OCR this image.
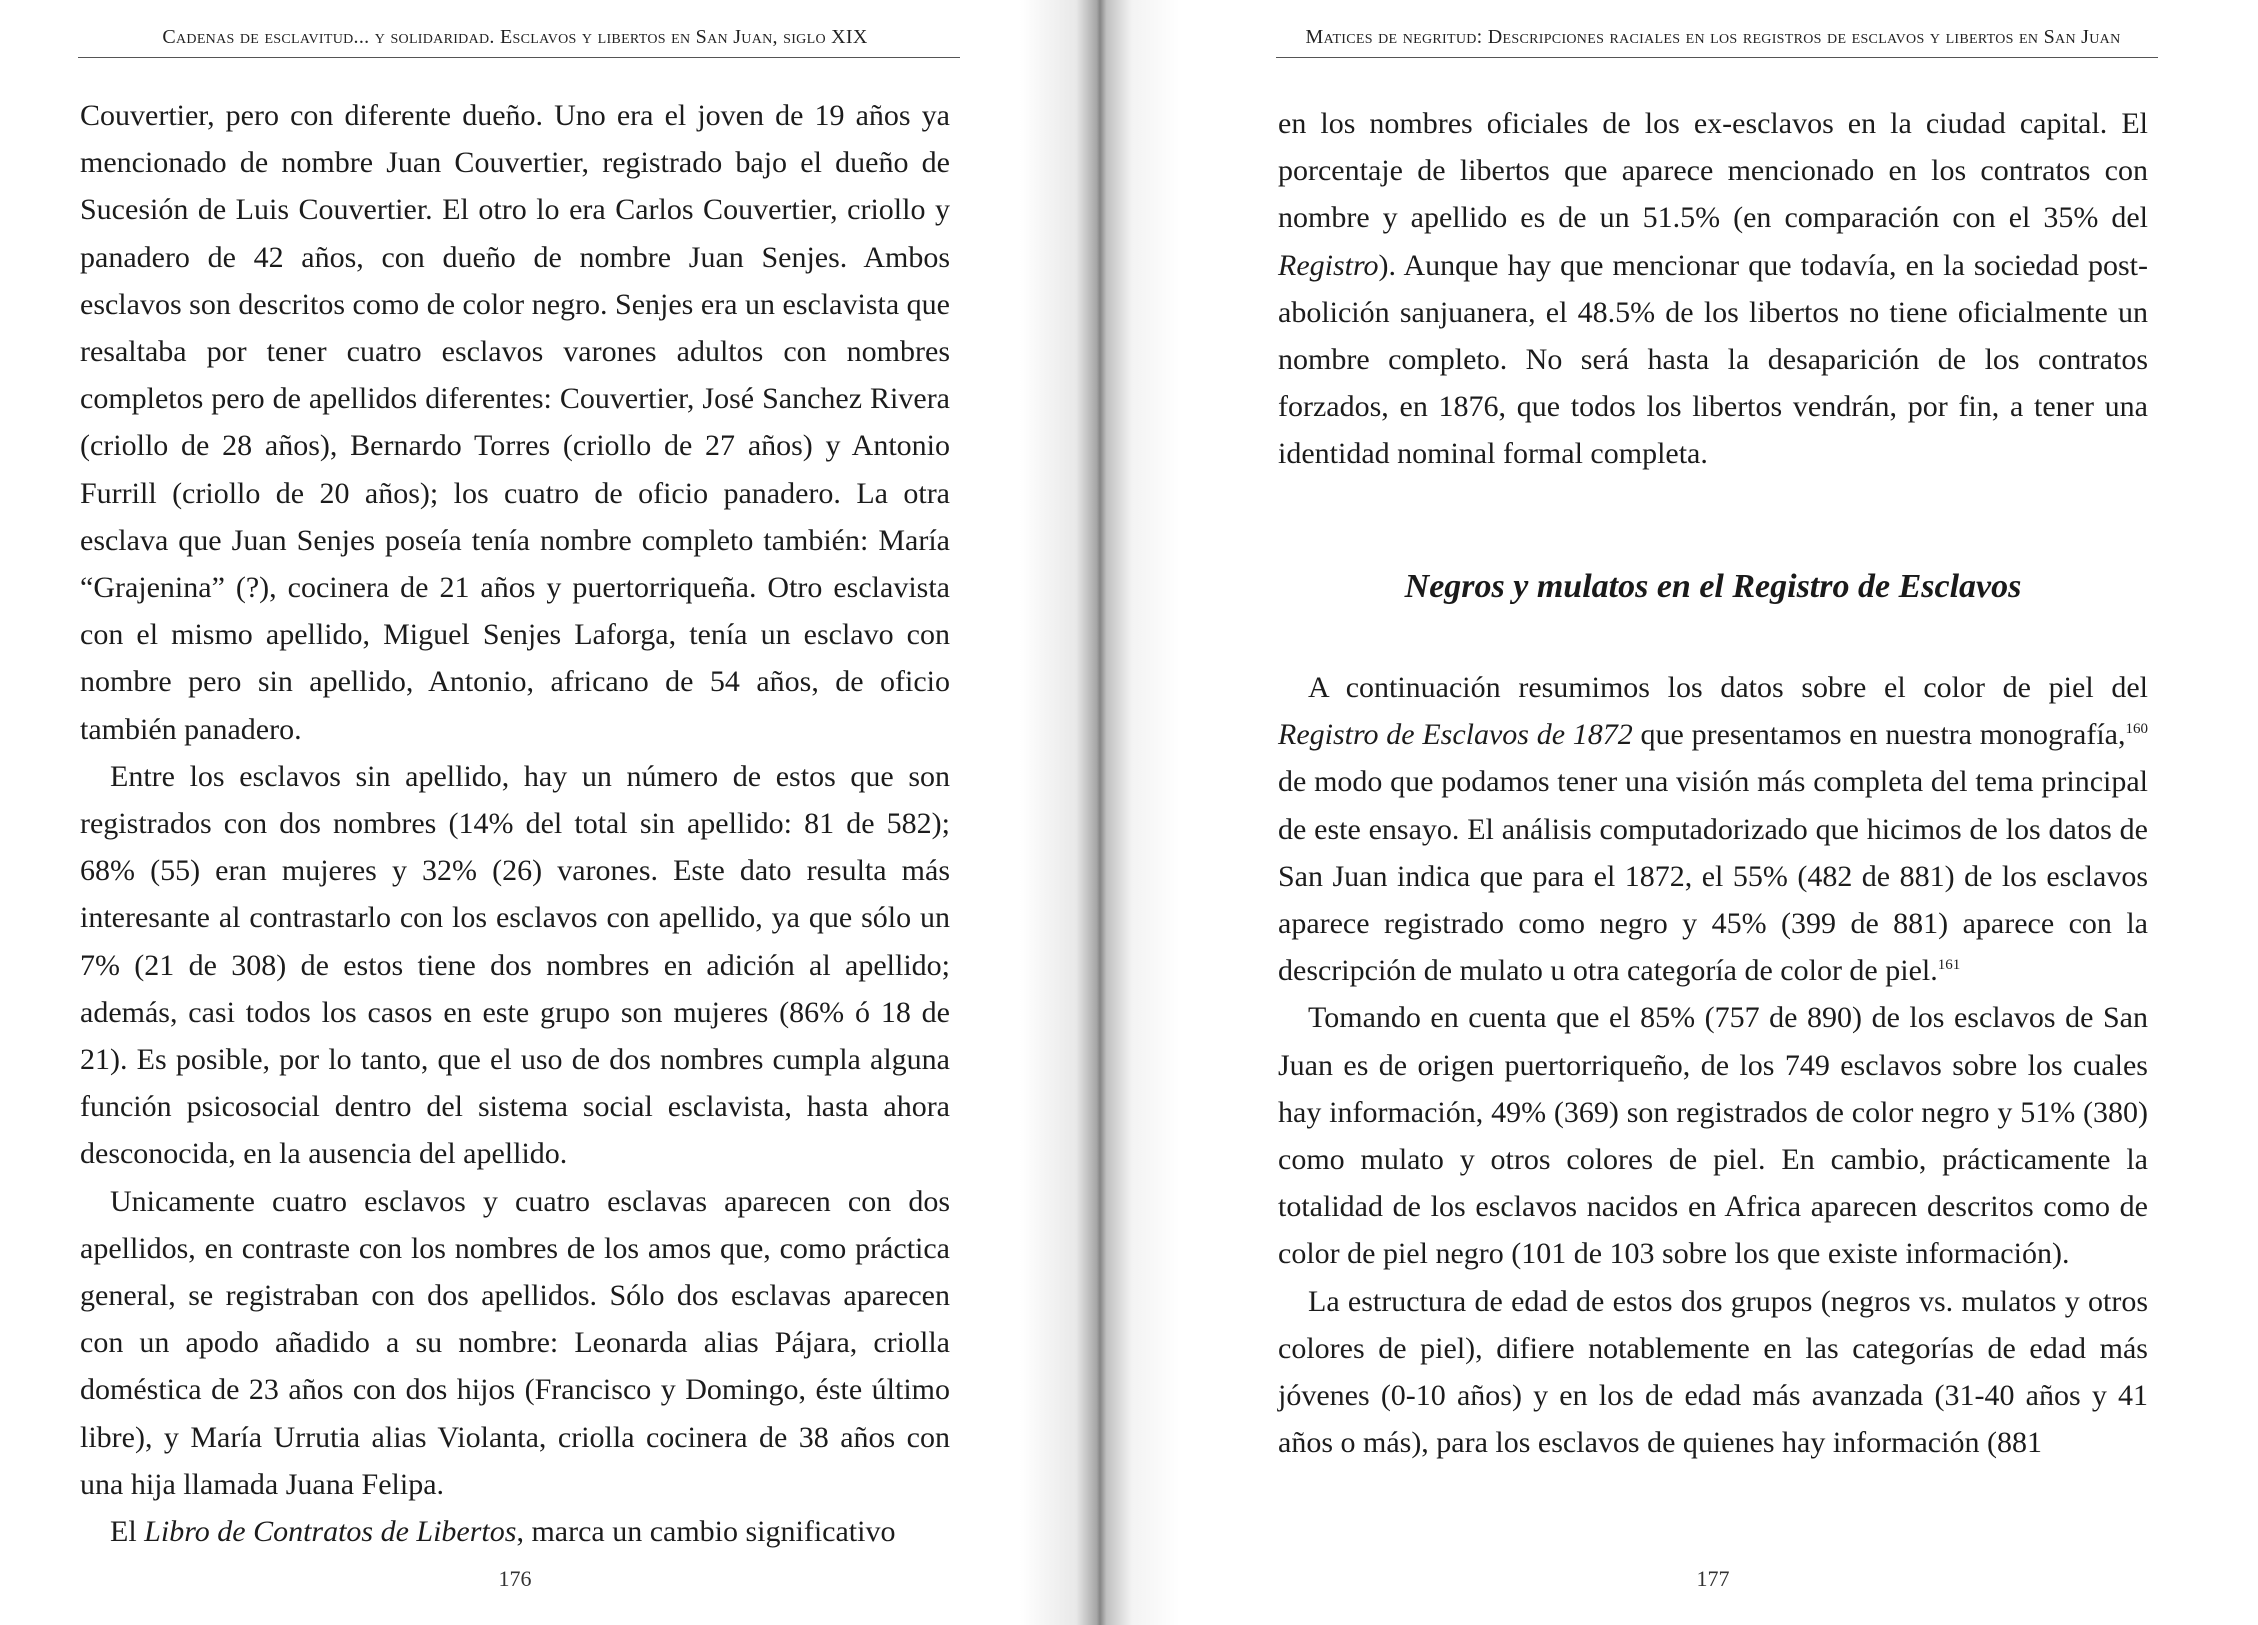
Cadenas de esclavitud... y solidaridad. Esclavos y libertos en San Juan, siglo XIX

Couvertier, pero con diferente dueño. Uno era el joven de 19 años ya mencionado de nombre Juan Couvertier, registrado bajo el dueño de Sucesión de Luis Couvertier. El otro lo era Carlos Couvertier, criollo y panadero de 42 años, con dueño de nombre Juan Senjes. Ambos esclavos son descritos como de color negro. Senjes era un esclavista que resaltaba por tener cuatro esclavos varones adultos con nombres completos pero de apellidos diferentes: Couvertier, José Sanchez Rivera (criollo de 28 años), Bernardo Torres (criollo de 27 años) y Antonio Furrill (criollo de 20 años); los cuatro de oficio panadero. La otra esclava que Juan Senjes poseía tenía nombre completo también: María “Grajenina” (?), cocinera de 21 años y puertorriqueña. Otro esclavista con el mismo apellido, Miguel Senjes Laforga, tenía un esclavo con nombre pero sin apellido, Antonio, africano de 54 años, de oficio también panadero.

Entre los esclavos sin apellido, hay un número de estos que son registrados con dos nombres (14% del total sin apellido: 81 de 582); 68% (55) eran mujeres y 32% (26) varones. Este dato resulta más interesante al contrastarlo con los esclavos con apellido, ya que sólo un 7% (21 de 308) de estos tiene dos nombres en adición al apellido; además, casi todos los casos en este grupo son mujeres (86% ó 18 de 21). Es posible, por lo tanto, que el uso de dos nombres cumpla alguna función psicosocial dentro del sistema social esclavista, hasta ahora desconocida, en la ausencia del apellido.

Unicamente cuatro esclavos y cuatro esclavas aparecen con dos apellidos, en contraste con los nombres de los amos que, como práctica general, se registraban con dos apellidos. Sólo dos esclavas aparecen con un apodo añadido a su nombre: Leonarda alias Pájara, criolla doméstica de 23 años con dos hijos (Francisco y Domingo, éste último libre), y María Urrutia alias Violanta, criolla cocinera de 38 años con una hija llamada Juana Felipa.

El Libro de Contratos de Libertos, marca un cambio significativo

176
Matices de negritud: Descripciones raciales en los registros de esclavos y libertos en San Juan

en los nombres oficiales de los ex-esclavos en la ciudad capital. El porcentaje de libertos que aparece mencionado en los contratos con nombre y apellido es de un 51.5% (en comparación con el 35% del Registro). Aunque hay que mencionar que todavía, en la sociedad post-abolición sanjuanera, el 48.5% de los libertos no tiene oficialmente un nombre completo. No será hasta la desaparición de los contratos forzados, en 1876, que todos los libertos vendrán, por fin, a tener una identidad nominal formal completa.

Negros y mulatos en el Registro de Esclavos

A continuación resumimos los datos sobre el color de piel del Registro de Esclavos de 1872 que presentamos en nuestra monografía,$^{160}$ de modo que podamos tener una visión más completa del tema principal de este ensayo. El análisis computadorizado que hicimos de los datos de San Juan indica que para el 1872, el 55% (482 de 881) de los esclavos aparece registrado como negro y 45% (399 de 881) aparece con la descripción de mulato u otra categoría de color de piel.$^{161}$

Tomando en cuenta que el 85% (757 de 890) de los esclavos de San Juan es de origen puertorriqueño, de los 749 esclavos sobre los cuales hay información, 49% (369) son registrados de color negro y 51% (380) como mulato y otros colores de piel. En cambio, prácticamente la totalidad de los esclavos nacidos en Africa aparecen descritos como de color de piel negro (101 de 103 sobre los que existe información).

La estructura de edad de estos dos grupos (negros vs. mulatos y otros colores de piel), difiere notablemente en las categorías de edad más jóvenes (0-10 años) y en los de edad más avanzada (31-40 años y 41 años o más), para los esclavos de quienes hay información (881

177
